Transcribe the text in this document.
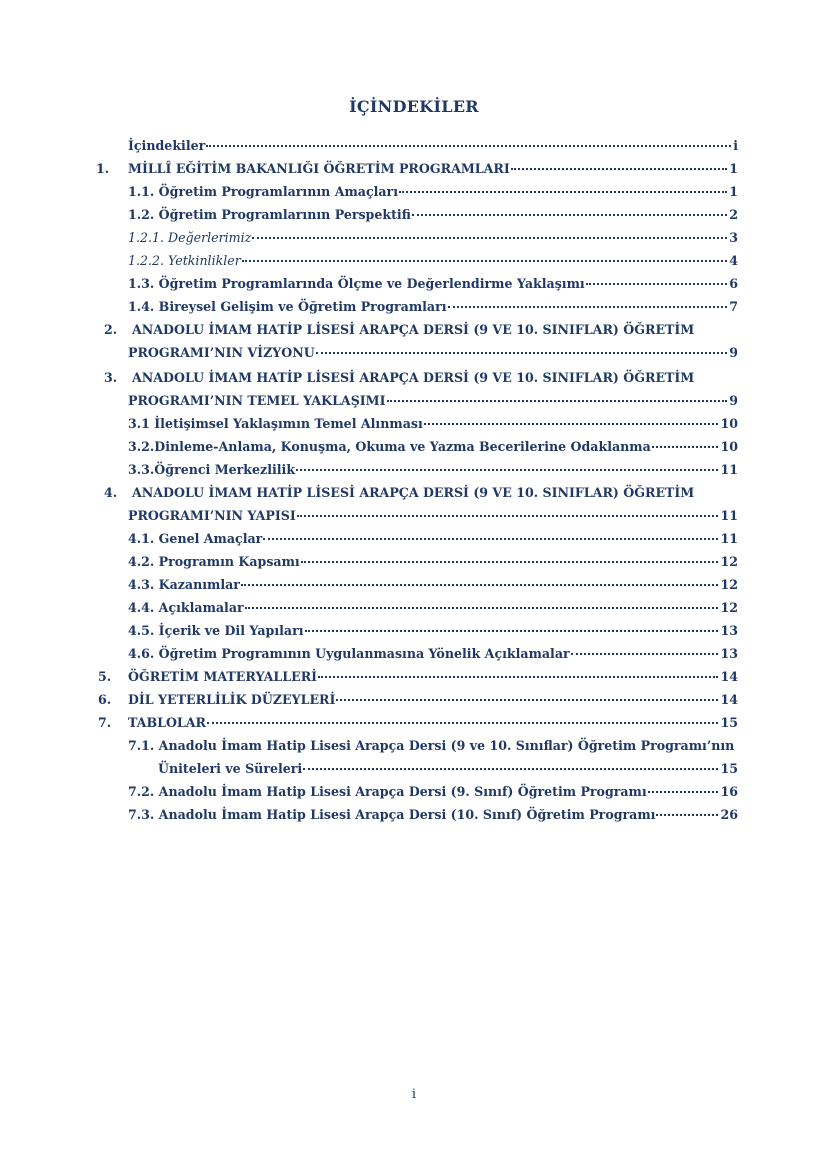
İÇİNDEKİLER
İçindekiler	i
1. MİLLÎ EĞİTİM BAKANLIĞI ÖĞRETİM PROGRAMLARI	1
1.1. Öğretim Programlarının Amaçları	1
1.2. Öğretim Programlarının Perspektifi	2
1.2.1. Değerlerimiz	3
1.2.2. Yetkinlikler	4
1.3. Öğretim Programlarında Ölçme ve Değerlendirme Yaklaşımı	6
1.4. Bireysel Gelişim ve Öğretim Programları	7
2. ANADOLU İMAM HATİP LİSESİ ARAPÇA DERSİ (9 VE 10. SINIFLAR) ÖĞRETİM
PROGRAMI’NIN VİZYONU	9
3. ANADOLU İMAM HATİP LİSESİ ARAPÇA DERSİ (9 VE 10. SINIFLAR) ÖĞRETİM
PROGRAMI’NIN TEMEL YAKLAŞIMI	9
3.1 İletişimsel Yaklaşımın Temel Alınması	10
3.2.Dinleme-Anlama, Konuşma, Okuma ve Yazma Becerilerine Odaklanma	10
3.3.Öğrenci Merkezlilik	11
4. ANADOLU İMAM HATİP LİSESİ ARAPÇA DERSİ (9 VE 10. SINIFLAR) ÖĞRETİM
PROGRAMI’NIN YAPISI	11
4.1. Genel Amaçlar	11
4.2. Programın Kapsamı	12
4.3. Kazanımlar	12
4.4. Açıklamalar	12
4.5. İçerik ve Dil Yapıları	13
4.6. Öğretim Programının Uygulanmasına Yönelik Açıklamalar	13
5. ÖĞRETİM MATERYALLERİ	14
6. DİL YETERLİLİK DÜZEYLERİ	14
7. TABLOLAR	15
7.1. Anadolu İmam Hatip Lisesi Arapça Dersi (9 ve 10. Sınıflar) Öğretim Programı’nın
Üniteleri ve Süreleri	15
7.2. Anadolu İmam Hatip Lisesi Arapça Dersi (9. Sınıf) Öğretim Programı	16
7.3. Anadolu İmam Hatip Lisesi Arapça Dersi (10. Sınıf) Öğretim Programı	26
i
